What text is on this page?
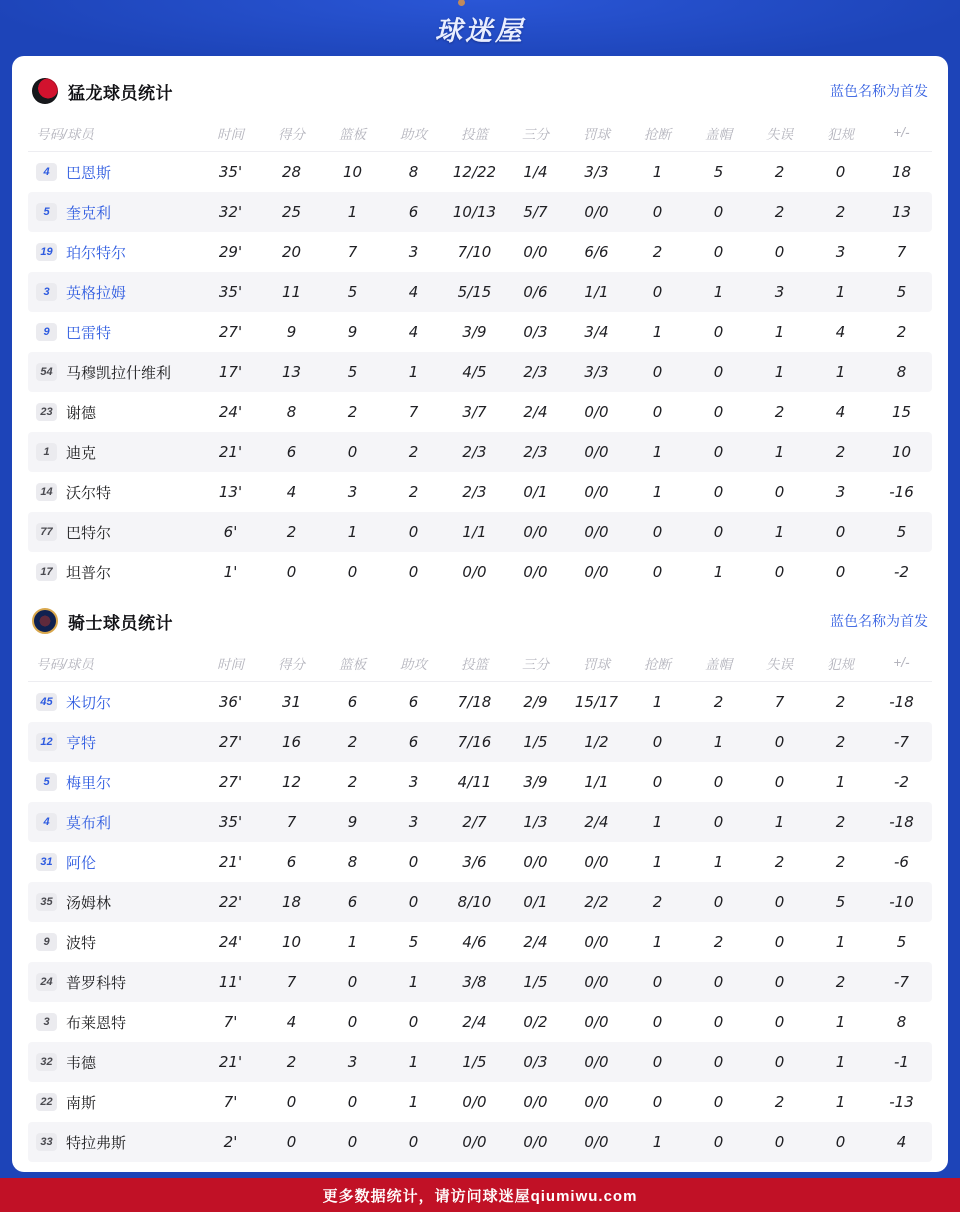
球迷屋
猛龙球员统计	蓝色名称为首发
号码/球员	时间	得分	篮板	助攻	投篮	三分	罚球	抢断	盖帽	失误	犯规	+/-
4	巴恩斯	35'	28	10	8	12/22	1/4	3/3	1	5	2	0	18
5	奎克利	32'	25	1	6	10/13	5/7	0/0	0	0	2	2	13
19 珀尔特尔	29'	20	7	3	7/10	0/0	6/6	2	0	0	3	7
3	英格拉姆	35'	11	5	4	5/15	0/6	1/1	0	1	3	1	5
9	巴雷特	27'	9	9	4	3/9	0/3	3/4	1	0	1	4	2
54 马穆凯拉什维利	17'	13	5	1	4/5	2/3	3/3	0	0	1	1	8
23 谢德	24'	8	2	7	3/7	2/4	0/0	0	0	2	4	15
1	迪克	21'	6	0	2	2/3	2/3	0/0	1	0	1	2	10
14 沃尔特	13'	4	3	2	2/3	0/1	0/0	1	0	0	3	-16
77 巴特尔	6'	2	1	0	1/1	0/0	0/0	0	0	1	0	5
17 坦普尔	1'	0	0	0	0/0	0/0	0/0	0	1	0	0	-2
骑士球员统计	蓝色名称为首发
号码/球员	时间	得分	篮板	助攻	投篮	三分	罚球	抢断	盖帽	失误	犯规	+/-
45 米切尔	36'	31	6	6	7/18	2/9	15/17	1	2	7	2	-18
12 亨特	27'	16	2	6	7/16	1/5	1/2	0	1	0	2	-7
5	梅里尔	27'	12	2	3	4/11	3/9	1/1	0	0	0	1	-2
4	莫布利	35'	7	9	3	2/7	1/3	2/4	1	0	1	2	-18
31 阿伦	21'	6	8	0	3/6	0/0	0/0	1	1	2	2	-6
35 汤姆林	22'	18	6	0	8/10	0/1	2/2	2	0	0	5	-10
9	波特	24'	10	1	5	4/6	2/4	0/0	1	2	0	1	5
24 普罗科特	11'	7	0	1	3/8	1/5	0/0	0	0	0	2	-7
3	布莱恩特	7'	4	0	0	2/4	0/2	0/0	0	0	0	1	8
32 韦德	21'	2	3	1	1/5	0/3	0/0	0	0	0	1	-1
22 南斯	7'	0	0	1	0/0	0/0	0/0	0	0	2	1	-13
33 特拉弗斯	2'	0	0	0	0/0	0/0	0/0	1	0	0	0	4
更多数据统计，请访问球迷屋qiumiwu.com
